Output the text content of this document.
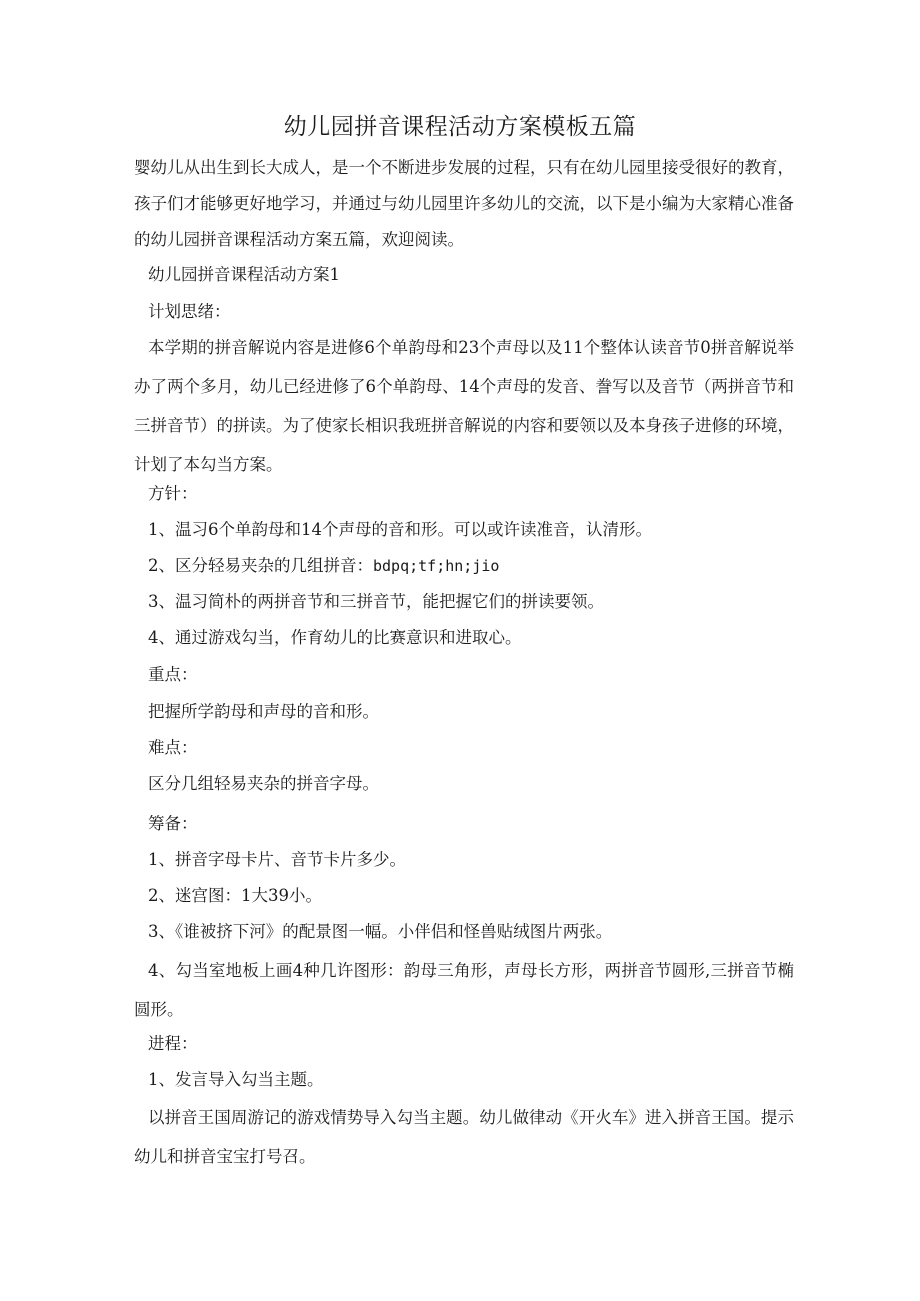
幼儿园拼音课程活动方案模板五篇
婴幼儿从出生到长大成人，是一个不断进步发展的过程，只有在幼儿园里接受很好的教育，孩子们才能够更好地学习，并通过与幼儿园里许多幼儿的交流，以下是小编为大家精心准备的幼儿园拼音课程活动方案五篇，欢迎阅读。
幼儿园拼音课程活动方案1
计划思绪：
本学期的拼音解说内容是进修6个单韵母和23个声母以及11个整体认读音节0拼音解说举办了两个多月，幼儿已经进修了6个单韵母、14个声母的发音、誊写以及音节（两拼音节和三拼音节）的拼读。为了使家长相识我班拼音解说的内容和要领以及本身孩子进修的环境，计划了本勾当方案。
方针：
1、温习6个单韵母和14个声母的音和形。可以或许读准音，认清形。
2、区分轻易夹杂的几组拼音：bdpq;tf;hn;jio
3、温习简朴的两拼音节和三拼音节，能把握它们的拼读要领。
4、通过游戏勾当，作育幼儿的比赛意识和进取心。
重点：
把握所学韵母和声母的音和形。
难点：
区分几组轻易夹杂的拼音字母。
筹备：
1、拼音字母卡片、音节卡片多少。
2、迷宫图：1大39小。
3、《谁被挤下河》的配景图一幅。小伴侣和怪兽贴绒图片两张。
4、勾当室地板上画4种几许图形：韵母三角形，声母长方形，两拼音节圆形,三拼音节椭圆形。
进程：
1、发言导入勾当主题。
以拼音王国周游记的游戏情势导入勾当主题。幼儿做律动《开火车》进入拼音王国。提示幼儿和拼音宝宝打号召。
